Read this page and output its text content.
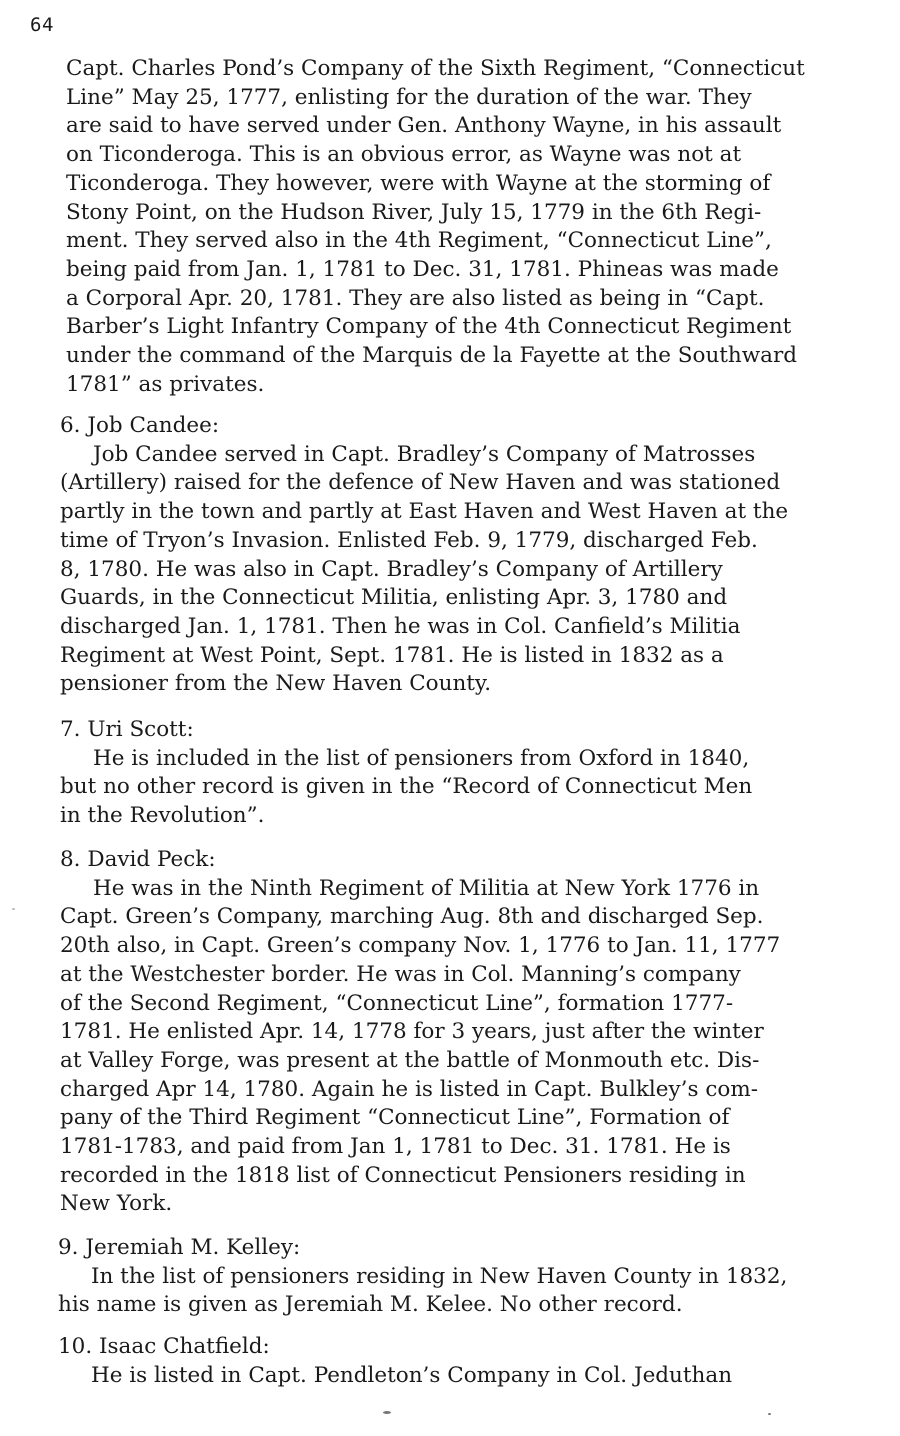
64
Capt. Charles Pond’s Company of the Sixth Regiment, “Connecticut
Line” May 25, 1777, enlisting for the duration of the war. They
are said to have served under Gen. Anthony Wayne, in his assault
on Ticonderoga. This is an obvious error, as Wayne was not at
Ticonderoga. They however, were with Wayne at the storming of
Stony Point, on the Hudson River, July 15, 1779 in the 6th Regi-
ment. They served also in the 4th Regiment, “Connecticut Line”,
being paid from Jan. 1, 1781 to Dec. 31, 1781. Phineas was made
a Corporal Apr. 20, 1781. They are also listed as being in “Capt.
Barber’s Light Infantry Company of the 4th Connecticut Regiment
under the command of the Marquis de la Fayette at the Southward
1781” as privates.
6. Job Candee:
Job Candee served in Capt. Bradley’s Company of Matrosses
(Artillery) raised for the defence of New Haven and was stationed
partly in the town and partly at East Haven and West Haven at the
time of Tryon’s Invasion. Enlisted Feb. 9, 1779, discharged Feb.
8, 1780. He was also in Capt. Bradley’s Company of Artillery
Guards, in the Connecticut Militia, enlisting Apr. 3, 1780 and
discharged Jan. 1, 1781. Then he was in Col. Canfield’s Militia
Regiment at West Point, Sept. 1781. He is listed in 1832 as a
pensioner from the New Haven County.
7. Uri Scott:
He is included in the list of pensioners from Oxford in 1840,
but no other record is given in the “Record of Connecticut Men
in the Revolution”.
8. David Peck:
He was in the Ninth Regiment of Militia at New York 1776 in
Capt. Green’s Company, marching Aug. 8th and discharged Sep.
20th also, in Capt. Green’s company Nov. 1, 1776 to Jan. 11, 1777
at the Westchester border. He was in Col. Manning’s company
of the Second Regiment, “Connecticut Line”, formation 1777-
1781. He enlisted Apr. 14, 1778 for 3 years, just after the winter
at Valley Forge, was present at the battle of Monmouth etc. Dis-
charged Apr 14, 1780. Again he is listed in Capt. Bulkley’s com-
pany of the Third Regiment “Connecticut Line”, Formation of
1781-1783, and paid from Jan 1, 1781 to Dec. 31. 1781. He is
recorded in the 1818 list of Connecticut Pensioners residing in
New York.
9. Jeremiah M. Kelley:
In the list of pensioners residing in New Haven County in 1832,
his name is given as Jeremiah M. Kelee. No other record.
10. Isaac Chatfield:
He is listed in Capt. Pendleton’s Company in Col. Jeduthan
